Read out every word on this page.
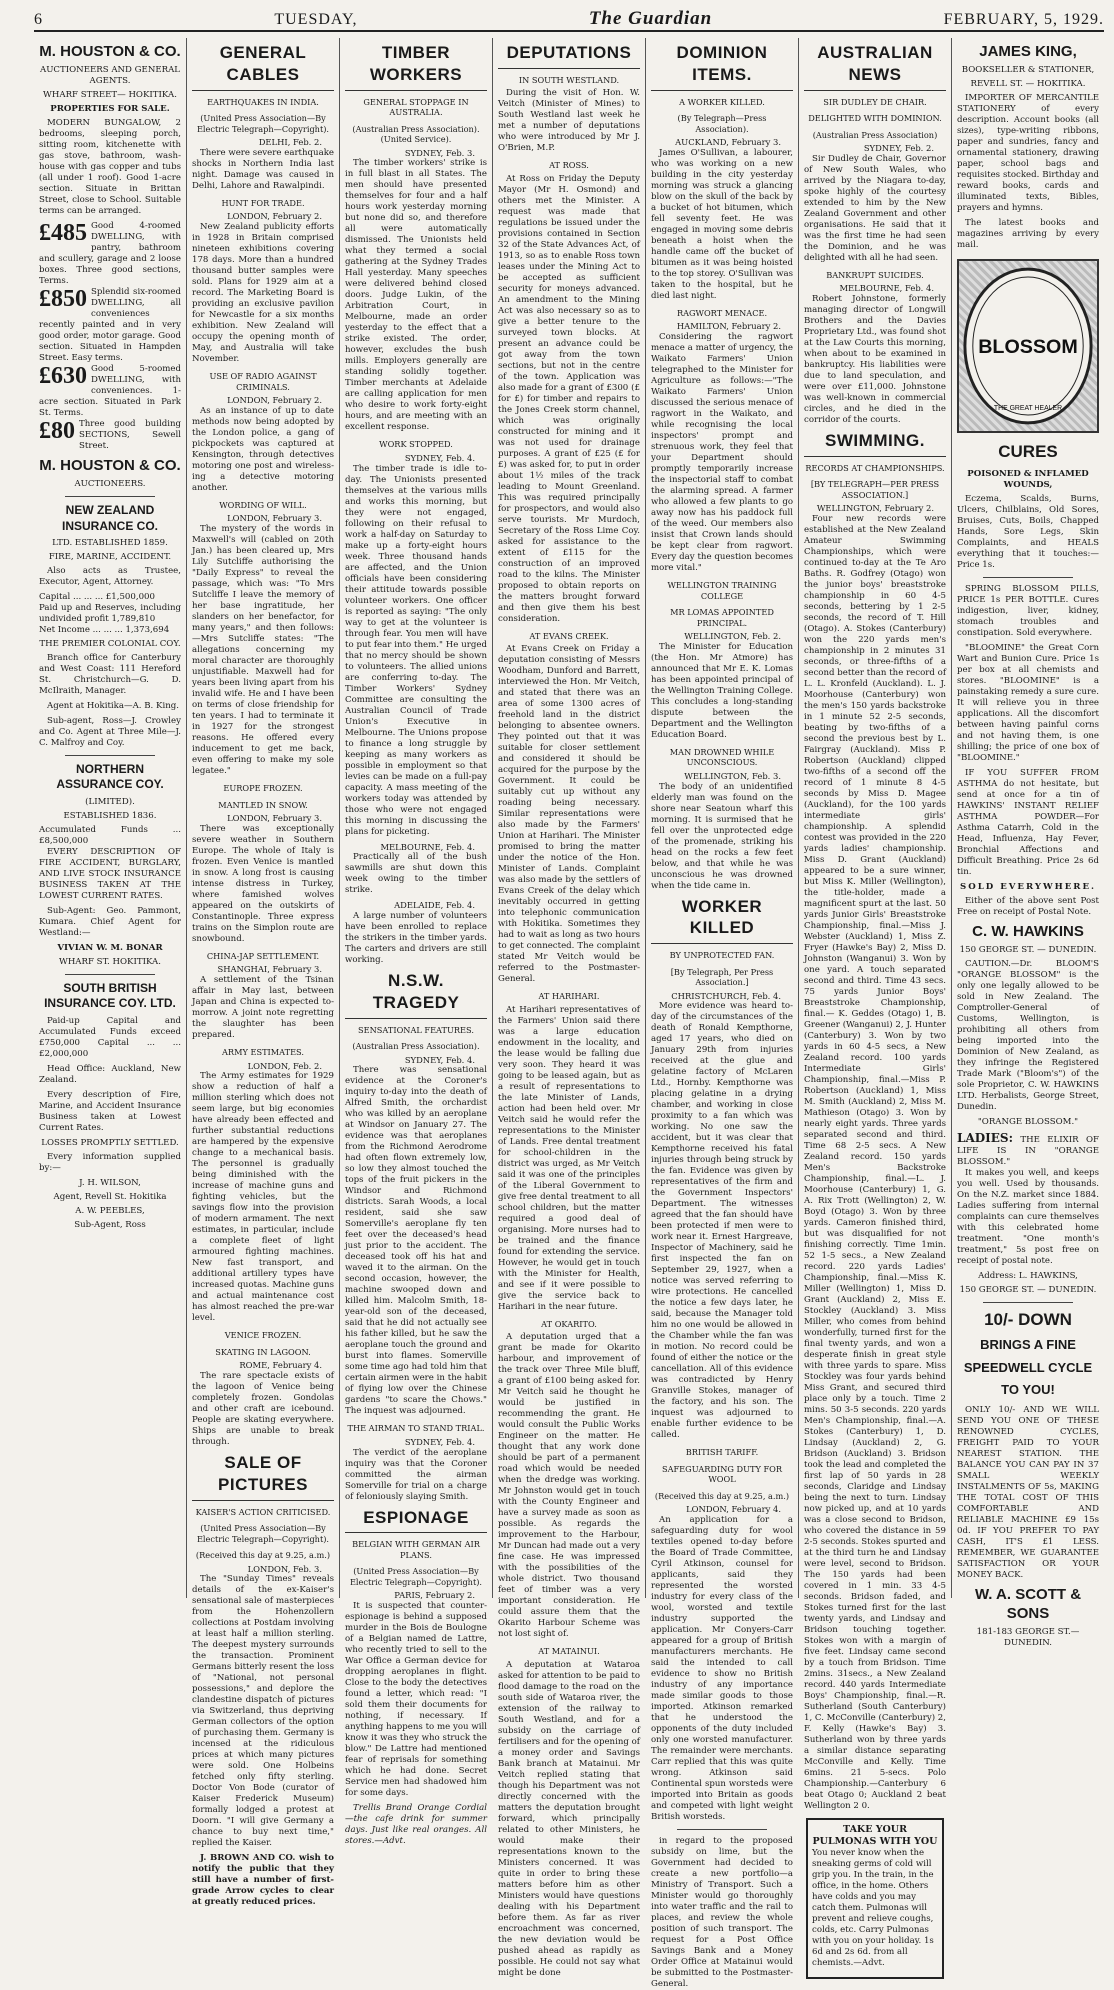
6	TUESDAY,	The Guardian	FEBRUARY, 5, 1929.
M. HOUSTON & CO.
AUCTIONEERS AND GENERAL AGENTS.
WHARF STREET— HOKITIKA.
PROPERTIES FOR SALE.

MODERN BUNGALOW, 2 bedrooms, sleeping porch, sitting room, kitchenette with gas stove, bathroom, wash-house with gas copper and tubs (all under 1 roof). Good 1-acre section. Situate in Brittan Street, close to School. Suitable terms can be arranged.

£485 Good 4-roomed DWELLING, with pantry, bathroom and scullery, garage and 2 loose boxes. Three good sections, Terms.
£850 Splendid six-roomed DWELLING, all conveniences recently painted and in very good order, motor garage. Good section. Situated in Hampden Street. Easy terms.
£630 Good 5-roomed DWELLING, with conveniences. 1-acre section. Situated in Park St. Terms.
£80 Three good building SECTIONS, Sewell Street.
M. HOUSTON & CO.
AUCTIONEERS.
NEW ZEALAND INSURANCE CO.
LTD. ESTABLISHED 1859.
FIRE, MARINE, ACCIDENT.

Also acts as Trustee, Executor, Agent, Attorney.

Capital ... ... ... £1,500,000
Paid up and Reserves, including undivided profit 1,789,810
Net Income ... ... ... 1,373,694
THE PREMIER COLONIAL COY.

Branch office for Canterbury and West Coast: 111 Hereford St. Christchurch—G. D. McIlraith, Manager.

Agent at Hokitika—A. B. King.

Sub-agent, Ross—J. Crowley and Co. Agent at Three Mile—J. C. Malfroy and Coy.

NORTHERN ASSURANCE COY.
(LIMITED).
ESTABLISHED 1836.
Accumulated Funds ... £8,500,000

EVERY DESCRIPTION OF FIRE ACCIDENT, BURGLARY, AND LIVE STOCK INSURANCE BUSINESS TAKEN AT THE LOWEST CURRENT RATES.

Sub-Agent: Geo. Pammont, Kumara. Chief Agent for Westland:—

VIVIAN W. M. BONAR
WHARF ST. HOKITIKA.
SOUTH BRITISH INSURANCE COY. LTD.

Paid-up Capital and Accumulated Funds exceed £750,000 Capital ... ... £2,000,000

Head Office: Auckland, New Zealand.

Every description of Fire, Marine, and Accident Insurance Business taken at Lowest Current Rates.

LOSSES PROMPTLY SETTLED.

Every information supplied by:—

J. H. WILSON,
Agent, Revell St. Hokitika
A. W. PEEBLES,
Sub-Agent, Ross
GENERAL CABLES
EARTHQUAKES IN INDIA.
(United Press Association—By Electric Telegraph—Copyright).
DELHI, Feb. 2.

There were severe earthquake shocks in Northern India last night. Damage was caused in Delhi, Lahore and Rawalpindi.

HUNT FOR TRADE.
LONDON, February 2.

New Zealand publicity efforts in 1928 in Britain comprised nineteen exhibitions covering 178 days. More than a hundred thousand butter samples were sold. Plans for 1929 aim at a record. The Marketing Board is providing an exclusive pavilion for Newcastle for a six months exhibition. New Zealand will occupy the opening month of May, and Australia will take November.

USE OF RADIO AGAINST CRIMINALS.
LONDON, February 2.

As an instance of up to date methods now being adopted by the London police, a gang of pickpockets was captured at Kensington, through detectives motoring one post and wireless-ing a detective motoring another.

WORDING OF WILL.
LONDON, February 3.

The mystery of the words in Maxwell's will (cabled on 20th Jan.) has been cleared up, Mrs Lily Sutcliffe authorising the "Daily Express" to reveal the passage, which was: "To Mrs Sutcliffe I leave the memory of her base ingratitude, her slanders on her benefactor, for many years," and then follows:—Mrs Sutcliffe states: "The allegations concerning my moral character are thoroughly unjustifiable. Maxwell had for years been living apart from his invalid wife. He and I have been on terms of close friendship for ten years. I had to terminate it in 1927 for the strongest reasons. He offered every inducement to get me back, even offering to make my sole legatee."

EUROPE FROZEN.
MANTLED IN SNOW.
LONDON, February 3.

There was exceptionally severe weather in Southern Europe. The whole of Italy is frozen. Even Venice is mantled in snow. A long frost is causing intense distress in Turkey, where famished wolves appeared on the outskirts of Constantinople. Three express trains on the Simplon route are snowbound.

CHINA-JAP SETTLEMENT.
SHANGHAI, February 3.

A settlement of the Tsinan affair in May last, between Japan and China is expected to-morrow. A joint note regretting the slaughter has been prepared.

ARMY ESTIMATES.
LONDON, Feb. 2.

The Army estimates for 1929 show a reduction of half a million sterling which does not seem large, but big economies have already been effected and further substantial reductions are hampered by the expensive change to a mechanical basis. The personnel is gradually being diminished with the increase of machine guns and fighting vehicles, but the savings flow into the provision of modern armament. The next estimates, in particular, include a complete fleet of light armoured fighting machines. New fast transport, and additional artillery types have increased quotas. Machine guns and actual maintenance cost has almost reached the pre-war level.

VENICE FROZEN.
SKATING IN LAGOON.
ROME, February 4.

The rare spectacle exists of the lagoon of Venice being completely frozen. Gondolas and other craft are icebound. People are skating everywhere. Ships are unable to break through.

SALE OF PICTURES
KAISER'S ACTION CRITICISED.
(United Press Association—By Electric Telegraph—Copyright).
(Received this day at 9.25, a.m.)
LONDON, Feb. 3.

The "Sunday Times" reveals details of the ex-Kaiser's sensational sale of masterpieces from the Hohenzollern collections at Postdam involving at least half a million sterling. The deepest mystery surrounds the transaction. Prominent Germans bitterly resent the loss of "National, not personal possessions," and deplore the clandestine dispatch of pictures via Switzerland, thus depriving German collectors of the option of purchasing them. Germany is incensed at the ridiculous prices at which many pictures were sold. One Holbeins fetched only fifty sterling. Doctor Von Bode (curator of Kaiser Frederick Museum) formally lodged a protest at Doorn. "I will give Germany a chance to buy next time," replied the Kaiser.

J. BROWN AND CO. wish to notify the public that they still have a number of first-grade Arrow cycles to clear at greatly reduced prices.

TIMBER WORKERS
GENERAL STOPPAGE IN AUSTRALIA.
(Australian Press Association). (United Service).
SYDNEY, Feb. 3.

The timber workers' strike is in full blast in all States. The men should have presented themselves for four and a half hours work yesterday morning but none did so, and therefore all were automatically dismissed. The Unionists held what they termed a social gathering at the Sydney Trades Hall yesterday. Many speeches were delivered behind closed doors. Judge Lukin, of the Arbitration Court, in Melbourne, made an order yesterday to the effect that a strike existed. The order, however, excludes the bush mills. Employers generally are standing solidly together. Timber merchants at Adelaide are calling application for men who desire to work forty-eight hours, and are meeting with an excellent response.

WORK STOPPED.
SYDNEY, Feb. 4.

The timber trade is idle to-day. The Unionists presented themselves at the various mills and works this morning, but they were not engaged, following on their refusal to work a half-day on Saturday to make up a forty-eight hours week. Three thousand hands are affected, and the Union officials have been considering their attitude towards possible volunteer workers. One officer is reported as saying: "The only way to get at the volunteer is through fear. You men will have to put fear into them." He urged that no mercy should be shown to volunteers. The allied unions are conferring to-day. The Timber Workers' Sydney Committee are consulting the Australian Council of Trade Union's Executive in Melbourne. The Unions propose to finance a long struggle by keeping as many workers as possible in employment so that levies can be made on a full-pay capacity. A mass meeting of the workers today was attended by those who were not engaged this morning in discussing the plans for picketing.

MELBOURNE, Feb. 4.

Practically all of the bush sawmills are shut down this week owing to the timber strike.

ADELAIDE, Feb. 4.

A large number of volunteers have been enrolled to replace the strikers in the timber yards. The carters and drivers are still working.

N.S.W. TRAGEDY
SENSATIONAL FEATURES.
(Australian Press Association).
SYDNEY, Feb. 4.

There was sensational evidence at the Coroner's inquiry to-day into the death of Alfred Smith, the orchardist who was killed by an aeroplane at Windsor on January 27. The evidence was that aeroplanes from the Richmond Aerodrome had often flown extremely low, so low they almost touched the tops of the fruit pickers in the Windsor and Richmond districts. Sarah Woods, a local resident, said she saw Somerville's aeroplane fly ten feet over the deceased's head just prior to the accident. The deceased took off his hat and waved it to the airman. On the second occasion, however, the machine swooped down and killed him. Malcolm Smith, 18-year-old son of the deceased, said that he did not actually see his father killed, but he saw the aeroplane touch the ground and burst into flames. Somerville some time ago had told him that certain airmen were in the habit of flying low over the Chinese gardens "to scare the Chows." The inquest was adjourned.

THE AIRMAN TO STAND TRIAL.
SYDNEY, Feb. 4.

The verdict of the aeroplane inquiry was that the Coroner committed the airman Somerville for trial on a charge of feloniously slaying Smith.

ESPIONAGE
BELGIAN WITH GERMAN AIR PLANS.
(United Press Association—By Electric Telegraph—Copyright).
PARIS, February 2.

It is suspected that counter-espionage is behind a supposed murder in the Bois de Boulogne of a Belgian named de Lattre, who recently tried to sell to the War Office a German device for dropping aeroplanes in flight. Close to the body the detectives found a letter, which read: "I sold them their documents for nothing, if necessary. If anything happens to me you will know it was they who struck the blow." De Lattre had mentioned fear of reprisals for something which he had done. Secret Service men had shadowed him for some days.

Trellis Brand Orange Cordial—the cafe drink for summer days. Just like real oranges. All stores.—Advt.

DEPUTATIONS
IN SOUTH WESTLAND.

During the visit of Hon. W. Veitch (Minister of Mines) to South Westland last week he met a number of deputations who were introduced by Mr J. O'Brien, M.P.

AT ROSS.

At Ross on Friday the Deputy Mayor (Mr H. Osmond) and others met the Minister. A request was made that regulations be issued under the provisions contained in Section 32 of the State Advances Act, of 1913, so as to enable Ross town leases under the Mining Act to be accepted as sufficient security for moneys advanced. An amendment to the Mining Act was also necessary so as to give a better tenure to the surveyed town blocks. At present an advance could be got away from the town sections, but not in the centre of the town. Application was also made for a grant of £300 (£ for £) for timber and repairs to the Jones Creek storm channel, which was originally constructed for mining and it was not used for drainage purposes. A grant of £25 (£ for £) was asked for, to put in order about 1½ miles of the track leading to Mount Greenland. This was required principally for prospectors, and would also serve tourists. Mr Murdoch, Secretary of the Ross Lime Coy. asked for assistance to the extent of £115 for the construction of an improved road to the kilns. The Minister proposed to obtain reports on the matters brought forward and then give them his best consideration.

AT EVANS CREEK.

At Evans Creek on Friday a deputation consisting of Messrs Woodham, Dunford and Barrett, interviewed the Hon. Mr Veitch, and stated that there was an area of some 1300 acres of freehold land in the district belonging to absentee owners. They pointed out that it was suitable for closer settlement and considered it should be acquired for the purpose by the Government. It could be suitably cut up without any roading being necessary. Similar representations were also made by the Farmers' Union at Harihari. The Minister promised to bring the matter under the notice of the Hon. Minister of Lands. Complaint was also made by the settlers of Evans Creek of the delay which inevitably occurred in getting into telephonic communication with Hokitika. Sometimes they had to wait as long as two hours to get connected. The complaint stated Mr Veitch would be referred to the Postmaster-General.

AT HARIHARI.

At Harihari representatives of the Farmers' Union said there was a large education endowment in the locality, and the lease would be falling due very soon. They heard it was going to be leased again, but as a result of representations to the late Minister of Lands, action had been held over. Mr Veitch said he would refer the representations to the Minister of Lands. Free dental treatment for school-children in the district was urged, as Mr Veitch said it was one of the principles of the Liberal Government to give free dental treatment to all school children, but the matter required a good deal of organising. More nurses had to be trained and the finance found for extending the service. However, he would get in touch with the Minister for Health, and see if it were possible to give the service back to Harihari in the near future.

AT OKARITO.

A deputation urged that a grant be made for Okarito harbour, and improvement of the track over Three Mile bluff, a grant of £100 being asked for. Mr Veitch said he thought he would be justified in recommending the grant. He would consult the Public Works Engineer on the matter. He thought that any work done should be part of a permanent road which would be needed when the dredge was working. Mr Johnston would get in touch with the County Engineer and have a survey made as soon as possible. As regards the improvement to the Harbour, Mr Duncan had made out a very fine case. He was impressed with the possibilities of the whole district. Two thousand feet of timber was a very important consideration. He could assure them that the Okarito Harbour Scheme was not lost sight of.

AT MATAINUI.

A deputation at Wataroa asked for attention to be paid to flood damage to the road on the south side of Wataroa river, the extension of the railway to South Westland, and for a subsidy on the carriage of fertilisers and for the opening of a money order and Savings Bank branch at Matainui. Mr Veitch replied stating that though his Department was not directly concerned with the matters the deputation brought forward, which principally related to other Ministers, he would make their representations known to the Ministers concerned. It was quite in order to bring these matters before him as other Ministers would have questions dealing with his Department before them. As far as river encroachment was concerned, the new deviation would be pushed ahead as rapidly as possible. He could not say what might be done

DOMINION ITEMS.
A WORKER KILLED.
(By Telegraph—Press Association).
AUCKLAND, February 3.

James O'Sullivan, a labourer, who was working on a new building in the city yesterday morning was struck a glancing blow on the skull of the back by a bucket of hot bitumen, which fell seventy feet. He was engaged in moving some debris beneath a hoist when the handle came off the bucket of bitumen as it was being hoisted to the top storey. O'Sullivan was taken to the hospital, but he died last night.

RAGWORT MENACE.
HAMILTON, February 2.

Considering the ragwort menace a matter of urgency, the Waikato Farmers' Union telegraphed to the Minister for Agriculture as follows:—"The Waikato Farmers' Union discussed the serious menace of ragwort in the Waikato, and while recognising the local inspectors' prompt and strenuous work, they feel that your Department should promptly temporarily increase the inspectorial staff to combat the alarming spread. A farmer who allowed a few plants to go away now has his paddock full of the weed. Our members also insist that Crown lands should be kept clear from ragwort. Every day the question becomes more vital."

WELLINGTON TRAINING COLLEGE
MR LOMAS APPOINTED PRINCIPAL.
WELLINGTON, Feb. 2.

The Minister for Education (the Hon. Mr Atmore) has announced that Mr E. K. Lomas has been appointed principal of the Wellington Training College. This concludes a long-standing dispute between the Department and the Wellington Education Board.

MAN DROWNED WHILE UNCONSCIOUS.
WELLINGTON, Feb. 3.

The body of an unidentified elderly man was found on the shore near Seatoun wharf this morning. It is surmised that he fell over the unprotected edge of the promenade, striking his head on the rocks a few feet below, and that while he was unconscious he was drowned when the tide came in.

WORKER KILLED
BY UNPROTECTED FAN.
[By Telegraph, Per Press Association.]
CHRISTCHURCH, Feb. 4.

More evidence was heard to-day of the circumstances of the death of Ronald Kempthorne, aged 17 years, who died on January 29th from injuries received at the glue and gelatine factory of McLaren Ltd., Hornby. Kempthorne was placing gelatine in a drying chamber, and working in close proximity to a fan which was working. No one saw the accident, but it was clear that Kempthorne received his fatal injuries through being struck by the fan. Evidence was given by representatives of the firm and the Government Inspectors' Department. The witnesses agreed that the fan should have been protected if men were to work near it. Ernest Hargreave, Inspector of Machinery, said he first inspected the fan on September 29, 1927, when a notice was served referring to wire protections. He cancelled the notice a few days later, he said, because the Manager told him no one would be allowed in the Chamber while the fan was in motion. No record could be found of either the notice or the cancellation. All of this evidence was contradicted by Henry Granville Stokes, manager of the factory, and his son. The inquest was adjourned to enable further evidence to be called.

BRITISH TARIFF.
SAFEGUARDING DUTY FOR WOOL
(Received this day at 9.25, a.m.)
LONDON, February 4.

An application for a safeguarding duty for wool textiles opened to-day before the Board of Trade Committee, Cyril Atkinson, counsel for applicants, said they represented the worsted industry for every class of the wool, worsted and textile industry supported the application. Mr Conyers-Carr appeared for a group of British manufacturers merchants. He said the intended to call evidence to show no British industry of any importance made similar goods to those imported. Atkinson remarked that he understood the opponents of the duty included only one worsted manufacturer. The remainder were merchants. Carr replied that this was quite wrong. Atkinson said Continental spun worsteds were imported into Britain as goods and competed with light weight British worsteds.

in regard to the proposed subsidy on lime, but the Government had decided to create a new portfolio—a Ministry of Transport. Such a Minister would go thoroughly into water traffic and the rail to places, and review the whole position of such transport. The request for a Post Office Savings Bank and a Money Order Office at Matainui would be submitted to the Postmaster-General.

AUSTRALIAN NEWS
SIR DUDLEY DE CHAIR.
DELIGHTED WITH DOMINION.
(Australian Press Association)
SYDNEY, Feb. 2.

Sir Dudley de Chair, Governor of New South Wales, who arrived by the Niagara to-day, spoke highly of the courtesy extended to him by the New Zealand Government and other organisations. He said that it was the first time he had seen the Dominion, and he was delighted with all he had seen.

BANKRUPT SUICIDES.
MELBOURNE, Feb. 4.

Robert Johnstone, formerly managing director of Longwill Brothers and the Davies Proprietary Ltd., was found shot at the Law Courts this morning, when about to be examined in bankruptcy. His liabilities were due to land speculation, and were over £11,000. Johnstone was well-known in commercial circles, and he died in the corridor of the courts.

SWIMMING.
RECORDS AT CHAMPIONSHIPS.
[BY TELEGRAPH—PER PRESS ASSOCIATION.]
WELLINGTON, February 2.

Four new records were established at the New Zealand Amateur Swimming Championships, which were continued to-day at the Te Aro Baths. R. Godfrey (Otago) won the junior boys' breaststroke championship in 60 4-5 seconds, bettering by 1 2-5 seconds, the record of T. Hill (Otago). A. Stokes (Canterbury) won the 220 yards men's championship in 2 minutes 31 seconds, or three-fifths of a second better than the record of L. L. Kronfeld (Auckland). L. J. Moorhouse (Canterbury) won the men's 150 yards backstroke in 1 minute 52 2-5 seconds, beating by two-fifths of a second the previous best by L. Fairgray (Auckland). Miss P. Robertson (Auckland) clipped two-fifths of a second off the record of 1 minute 8 4-5 seconds by Miss D. Magee (Auckland), for the 100 yards intermediate girls' championship. A splendid contest was provided in the 220 yards ladies' championship. Miss D. Grant (Auckland) appeared to be a sure winner, but Miss K. Miller (Wellington), the title-holder, made a magnificent spurt at the last. 50 yards Junior Girls' Breaststroke Championship, final.—Miss J. Webster (Auckland) 1, Miss Z. Fryer (Hawke's Bay) 2, Miss D. Johnston (Wanganui) 3. Won by one yard. A touch separated second and third. Time 43 secs. 75 yards Junior Boys' Breaststroke Championship, final.— K. Geddes (Otago) 1, B. Greener (Wanganui) 2, J. Hunter (Canterbury) 3. Won by two yards in 60 4-5 secs, a New Zealand record. 100 yards Intermediate Girls' Championship, final.—Miss P. Robertson (Auckland) 1, Miss M. Smith (Auckland) 2, Miss M. Mathieson (Otago) 3. Won by nearly eight yards. Three yards separated second and third. Time 68 2-5 secs. A New Zealand record. 150 yards Men's Backstroke Championship, final.—L. J. Moorhouse (Canterbury) 1, G. A. Rix Trott (Wellington) 2, W. Boyd (Otago) 3. Won by three yards. Cameron finished third, but was disqualified for not finishing correctly. Time 1min. 52 1-5 secs., a New Zealand record. 220 yards Ladies' Championship, final.—Miss K. Miller (Wellington) 1, Miss D. Grant (Auckland) 2, Miss E. Stockley (Auckland) 3. Miss Miller, who comes from behind wonderfully, turned first for the final twenty yards, and won a desperate finish in great style with three yards to spare. Miss Stockley was four yards behind Miss Grant, and secured third place only by a touch. Time 2 mins. 50 3-5 seconds. 220 yards Men's Championship, final.—A. Stokes (Canterbury) 1, D. Lindsay (Auckland) 2, G. Bridson (Auckland) 3. Bridson took the lead and completed the first lap of 50 yards in 28 seconds, Claridge and Lindsay being the next to turn. Lindsay now picked up, and at 10 yards was a close second to Bridson, who covered the distance in 59 2-5 seconds. Stokes spurted and at the third turn he and Lindsay were level, second to Bridson. The 150 yards had been covered in 1 min. 33 4-5 seconds. Bridson faded, and Stokes turned first for the last twenty yards, and Lindsay and Bridson touching together. Stokes won with a margin of five feet. Lindsay came second by a touch from Bridson. Time 2mins. 31secs., a New Zealand record. 440 yards Intermediate Boys' Championship, final.—R. Sutherland (South Canterbury) 1, C. McConville (Canterbury) 2, F. Kelly (Hawke's Bay) 3. Sutherland won by three yards a similar distance separating McConville and Kelly. Time 6mins. 21 5-secs. Polo Championship.—Canterbury 6 beat Otago 0; Auckland 2 beat Wellington 2 0.

TAKE YOUR PULMONAS WITH YOU

You never know when the sneaking germs of cold will grip you. In the train, in the office, in the home. Others have colds and you may catch them. Pulmonas will prevent and relieve coughs, colds, etc. Carry Pulmonas with you on your holiday. 1s 6d and 2s 6d. from all chemists.—Advt.

JAMES KING,
BOOKSELLER & STATIONER,
REVELL ST. — HOKITIKA.

IMPORTER OF MERCANTILE STATIONERY of every description. Account books (all sizes), type-writing ribbons, paper and sundries, fancy and ornamental stationery, drawing paper, school bags and requisites stocked. Birthday and reward books, cards and illuminated texts, Bibles, prayers and hymns.

The latest books and magazines arriving by every mail.

BLOSSOM
THE GREAT HEALER
CURES
POISONED & INFLAMED WOUNDS,

Eczema, Scalds, Burns, Ulcers, Chilblains, Old Sores, Bruises, Cuts, Boils, Chapped Hands, Sore Legs, Skin Complaints, and HEALS everything that it touches:—Price 1s.

SPRING BLOSSOM PILLS, PRICE 1s PER BOTTLE. Cures indigestion, liver, kidney, stomach troubles and constipation. Sold everywhere.

"BLOOMINE" the Great Corn Wart and Bunion Cure. Price 1s per box at all chemists and stores. "BLOOMINE" is a painstaking remedy a sure cure. It will relieve you in three applications. All the discomfort between having painful corns and not having them, is one shilling; the price of one box of "BLOOMINE."

IF YOU SUFFER FROM ASTHMA do not hesitate, but send at once for a tin of HAWKINS' INSTANT RELIEF ASTHMA POWDER—For Asthma Catarrh, Cold in the Head, Influenza, Hay Fever, Bronchial Affections and Difficult Breathing. Price 2s 6d tin.

SOLD EVERYWHERE.

Either of the above sent Post Free on receipt of Postal Note.

C. W. HAWKINS
150 GEORGE ST. — DUNEDIN.

CAUTION.—Dr. BLOOM'S "ORANGE BLOSSOM" is the only one legally allowed to be sold in New Zealand. The Comptroller-General of Customs, Wellington, is prohibiting all others from being imported into the Dominion of New Zealand, as they infringe the Registered Trade Mark ("Bloom's") of the sole Proprietor, C. W. HAWKINS LTD. Herbalists, George Street, Dunedin.

"ORANGE BLOSSOM."
LADIES: THE ELIXIR OF LIFE IS IN "ORANGE BLOSSOM."

It makes you well, and keeps you well. Used by thousands. On the N.Z. market since 1884. Ladies suffering from internal complaints can cure themselves with this celebrated home treatment. "One month's treatment," 5s post free on receipt of postal note.

Address: L. HAWKINS,
150 GEORGE ST. — DUNEDIN.
10/- DOWN
BRINGS A FINE
SPEEDWELL CYCLE
TO YOU!

ONLY 10/- AND WE WILL SEND YOU ONE OF THESE RENOWNED CYCLES, FREIGHT PAID TO YOUR NEAREST STATION. THE BALANCE YOU CAN PAY IN 37 SMALL WEEKLY INSTALMENTS OF 5s, MAKING THE TOTAL COST OF THIS COMFORTABLE AND RELIABLE MACHINE £9 15s 0d. IF YOU PREFER TO PAY CASH, IT'S £1 LESS. REMEMBER, WE GUARANTEE SATISFACTION OR YOUR MONEY BACK.

W. A. SCOTT & SONS
181-183 GEORGE ST.—DUNEDIN.
